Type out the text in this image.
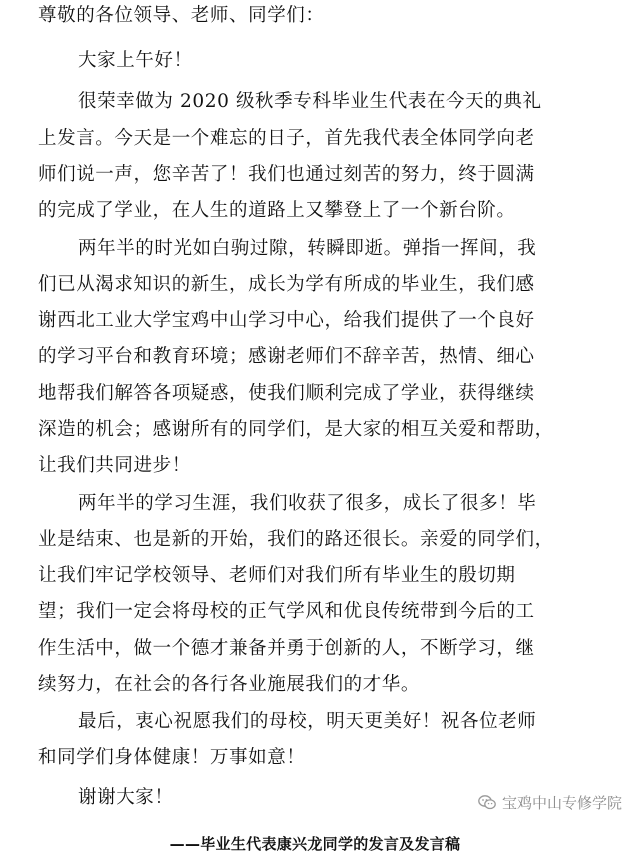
尊敬的各位领导、老师、同学们：
大家上午好！
很荣幸做为 2020 级秋季专科毕业生代表在今天的典礼
上发言。今天是一个难忘的日子，首先我代表全体同学向老
师们说一声，您辛苦了！我们也通过刻苦的努力，终于圆满
的完成了学业，在人生的道路上又攀登上了一个新台阶。
两年半的时光如白驹过隙，转瞬即逝。弹指一挥间，我
们已从渴求知识的新生，成长为学有所成的毕业生，我们感
谢西北工业大学宝鸡中山学习中心，给我们提供了一个良好
的学习平台和教育环境；感谢老师们不辞辛苦，热情、细心
地帮我们解答各项疑惑，使我们顺利完成了学业，获得继续
深造的机会；感谢所有的同学们，是大家的相互关爱和帮助，
让我们共同进步！
两年半的学习生涯，我们收获了很多，成长了很多！毕
业是结束、也是新的开始，我们的路还很长。亲爱的同学们，
让我们牢记学校领导、老师们对我们所有毕业生的殷切期
望；我们一定会将母校的正气学风和优良传统带到今后的工
作生活中，做一个德才兼备并勇于创新的人，不断学习，继
续努力，在社会的各行各业施展我们的才华。
最后，衷心祝愿我们的母校，明天更美好！祝各位老师
和同学们身体健康！万事如意！
谢谢大家！	宝鸡中山专修学院
——毕业生代表康兴龙同学的发言及发言稿
